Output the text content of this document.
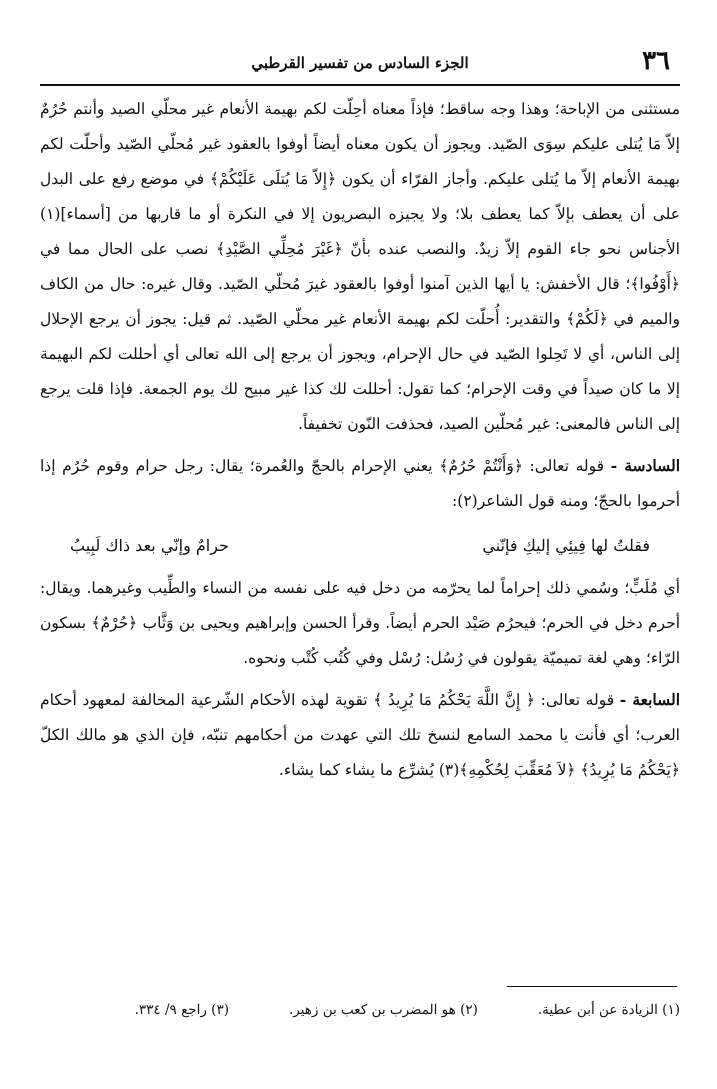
٣٦
الجزء السادس من تفسير القرطبي

مستثنى من الإباحة؛ وهذا وجه ساقط؛ فإذاً معناه أحِلّت لكم بهيمة الأنعام غير محلّي الصيد وأنتم حُرُمٌ إلاّ مَا يُتلى عليكم سِوَى الصّيد. ويجوز أن يكون معناه أيضاً أوفوا بالعقود غير مُحلّي الصّيد وأحلّت لكم بهيمة الأنعام إلاّ ما يُتلى عليكم. وأجاز الفرّاء أن يكون ﴿إِلاّ مَا يُتلَى عَلَيْكُمْ﴾ في موضع رفع على البدل على أن يعطف بإلاّ كما يعطف بلا؛ ولا يجيزه البصريون إلا في النكرة أو ما قاربها من [أسماء](١) الأجناس نحو جاء القوم إلاّ زيدٌ. والنصب عنده بأنّ ﴿غَيْرَ مُحِلِّي الصَّيْدِ﴾ نصب على الحال مما في ﴿أَوْفُوا﴾؛ قال الأخفش: يا أيها الذين آمنوا أوفوا بالعقود غيرَ مُحلّي الصّيد. وقال غيره: حال من الكاف والميم في ﴿لَكُمْ﴾ والتقدير: أُحلّت لكم بهيمة الأنعام غير محلّي الصّيد. ثم قيل: يجوز أن يرجع الإحلال إلى الناس، أي لا تَحِلوا الصّيد في حال الإحرام، ويجوز أن يرجع إلى الله تعالى أي أحللت لكم البهيمة إلا ما كان صيداً في وقت الإحرام؛ كما تقول: أحللت لك كذا غير مبيح لك يوم الجمعة. فإذا قلت يرجع إلى الناس فالمعنى: غير مُحلّين الصيد، فحذفت النّون تخفيفاً.

السادسة - قوله تعالى: ﴿وَأَنْتُمْ حُرُمٌ﴾ يعني الإحرام بالحجّ والعُمرة؛ يقال: رجل حرام وقوم حُرُم إذا أحرموا بالحجّ؛ ومنه قول الشاعر(٢):

فقلتُ لها فِيئِي إليكِ فإنّني
حرامٌ وإنّي بعد ذاك لَبِيبُ

أي مُلَبٍّ؛ وسُمي ذلك إحراماً لما يحرّمه من دخل فيه على نفسه من النساء والطِّيب وغيرهما. ويقال: أحرم دخل في الحرم؛ فيحرُم صَيْد الحرم أيضاً. وقرأ الحسن وإبراهيم ويحيى بن وَثَّاب ﴿حُرْمٌ﴾ بسكون الرّاء؛ وهي لغة تميميّة يقولون في رُسُل: رُسْل وفي كُتُب كُتْب ونحوه.

السابعة - قوله تعالى: ﴿ إِنَّ اللَّهَ يَحْكُمُ مَا يُرِيدُ ﴾ تقوية لهذه الأحكام الشّرعية المخالفة لمعهود أحكام العرب؛ أي فأنت يا محمد السامع لنسخ تلك التي عهدت من أحكامهم تنبّه، فإن الذي هو مالك الكلّ ﴿يَحْكُمُ مَا يُرِيدُ﴾ ﴿لاَ مُعَقِّبَ لِحُكْمِهِ﴾(٣) يُشرِّع ما يشاء كما يشاء.

(١) الزيادة عن أبن عطية.
(٢) هو المضرب بن كعب بن زهير.
(٣) راجع ٩/ ٣٣٤.
